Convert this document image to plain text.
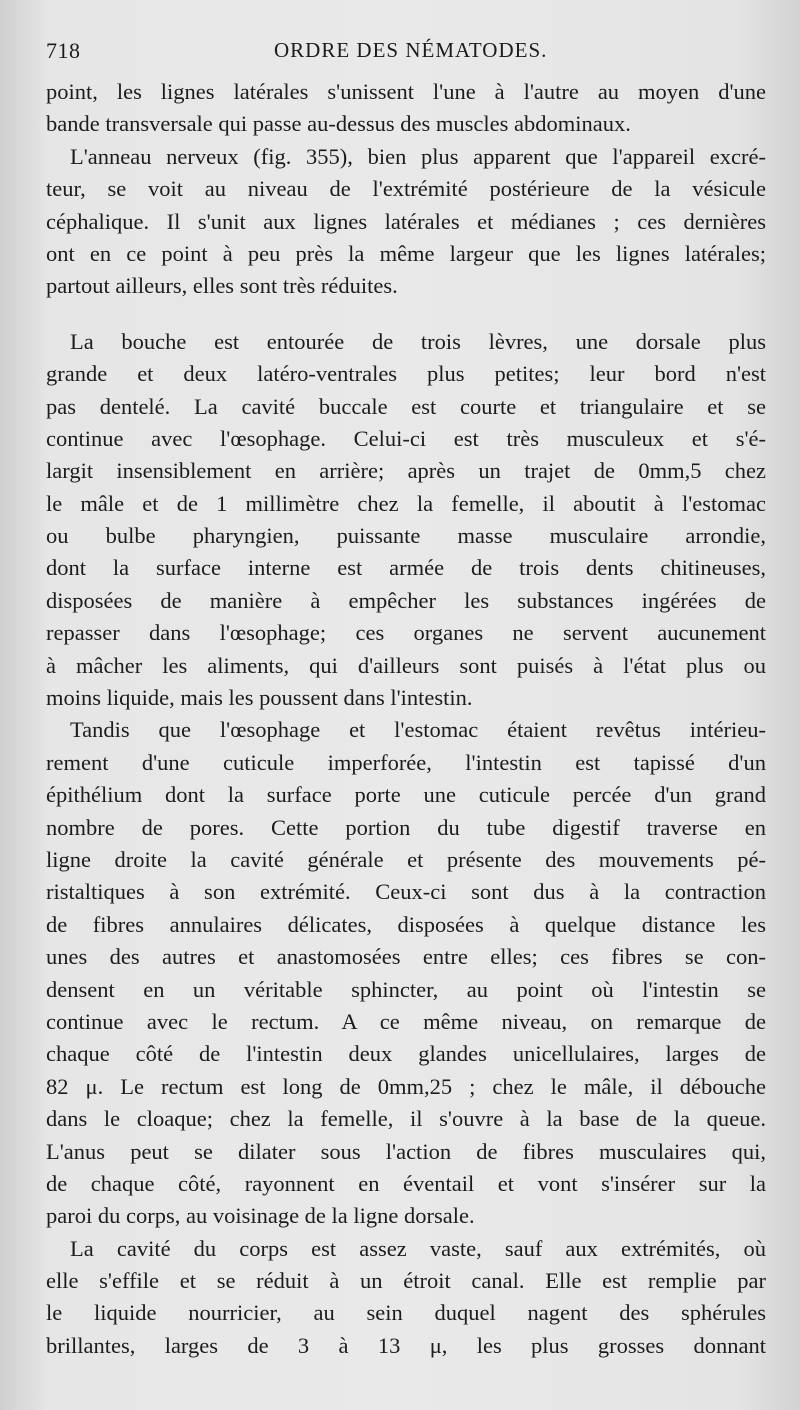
718	ORDRE DES NÉMATODES.
point, les lignes latérales s'unissent l'une à l'autre au moyen d'une
bande transversale qui passe au-dessus des muscles abdominaux.
L'anneau nerveux (fig. 355), bien plus apparent que l'appareil excré-
teur, se voit au niveau de l'extrémité postérieure de la vésicule
céphalique. Il s'unit aux lignes latérales et médianes ; ces dernières
ont en ce point à peu près la même largeur que les lignes latérales;
partout ailleurs, elles sont très réduites.
La bouche est entourée de trois lèvres, une dorsale plus
grande et deux latéro-ventrales plus petites; leur bord n'est
pas dentelé. La cavité buccale est courte et triangulaire et se
continue avec l'œsophage. Celui-ci est très musculeux et s'é-
largit insensiblement en arrière; après un trajet de 0mm,5 chez
le mâle et de 1 millimètre chez la femelle, il aboutit à l'estomac
ou bulbe pharyngien, puissante masse musculaire arrondie,
dont la surface interne est armée de trois dents chitineuses,
disposées de manière à empêcher les substances ingérées de
repasser dans l'œsophage; ces organes ne servent aucunement
à mâcher les aliments, qui d'ailleurs sont puisés à l'état plus ou
moins liquide, mais les poussent dans l'intestin.
Tandis que l'œsophage et l'estomac étaient revêtus intérieu-
rement d'une cuticule imperforée, l'intestin est tapissé d'un
épithélium dont la surface porte une cuticule percée d'un grand
nombre de pores. Cette portion du tube digestif traverse en
ligne droite la cavité générale et présente des mouvements pé-
ristaltiques à son extrémité. Ceux-ci sont dus à la contraction
de fibres annulaires délicates, disposées à quelque distance les
unes des autres et anastomosées entre elles; ces fibres se con-
densent en un véritable sphincter, au point où l'intestin se
continue avec le rectum. A ce même niveau, on remarque de
chaque côté de l'intestin deux glandes unicellulaires, larges de
82 μ. Le rectum est long de 0mm,25 ; chez le mâle, il débouche
dans le cloaque; chez la femelle, il s'ouvre à la base de la queue.
L'anus peut se dilater sous l'action de fibres musculaires qui,
de chaque côté, rayonnent en éventail et vont s'insérer sur la
paroi du corps, au voisinage de la ligne dorsale.
La cavité du corps est assez vaste, sauf aux extrémités, où
elle s'effile et se réduit à un étroit canal. Elle est remplie par
le liquide nourricier, au sein duquel nagent des sphérules
brillantes, larges de 3 à 13 μ, les plus grosses donnant
